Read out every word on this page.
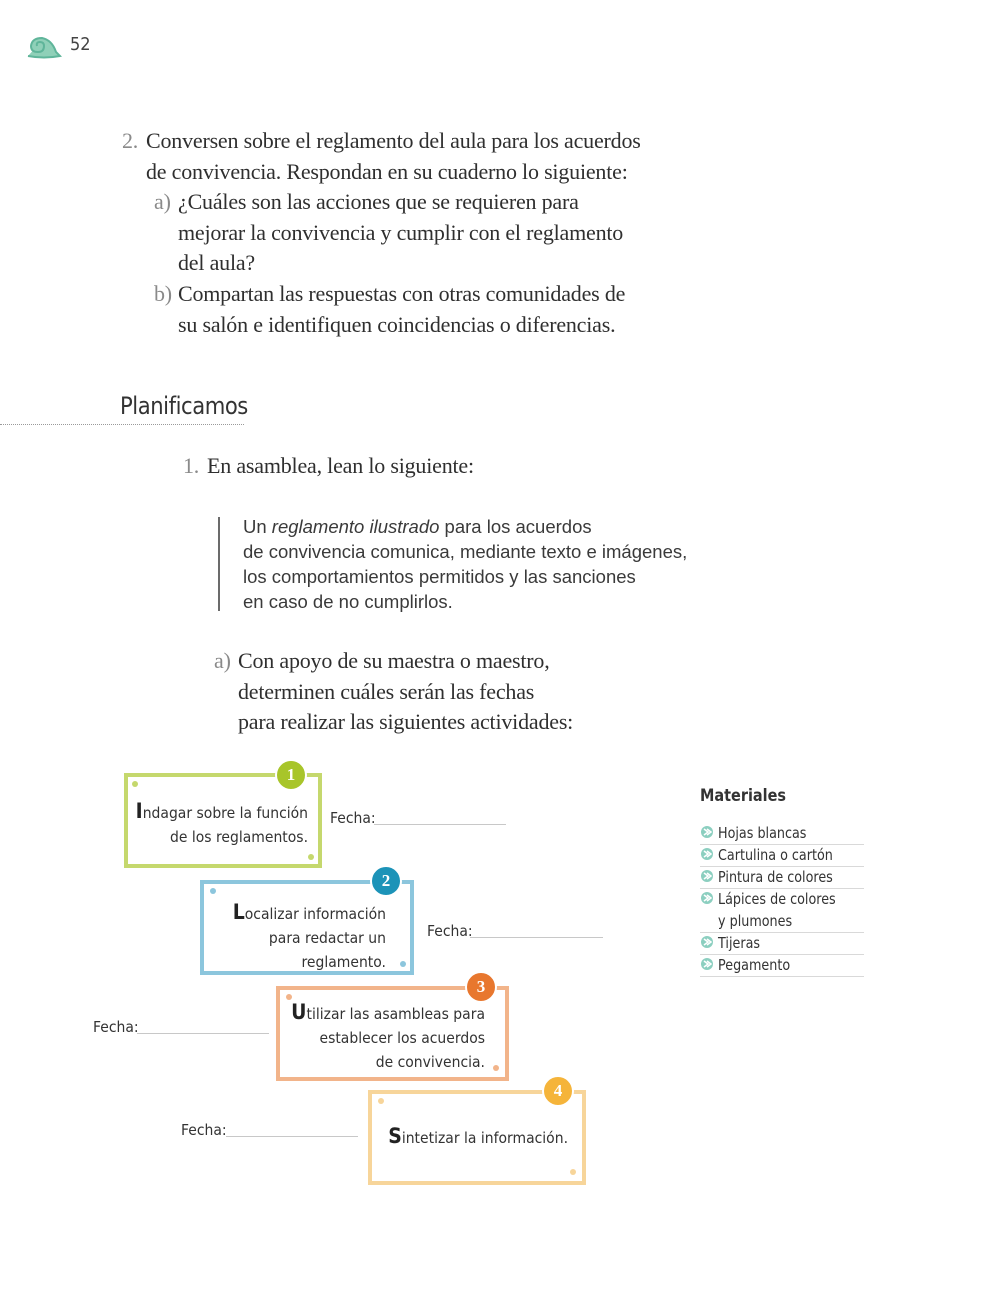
52
2. Conversen sobre el reglamento del aula para los acuerdos
de convivencia. Respondan en su cuaderno lo siguiente:
a) ¿Cuáles son las acciones que se requieren para
mejorar la convivencia y cumplir con el reglamento
del aula?
b) Compartan las respuestas con otras comunidades de
su salón e identifiquen coincidencias o diferencias.
Planificamos
1. En asamblea, lean lo siguiente:
Un reglamento ilustrado para los acuerdos
de convivencia comunica, mediante texto e imágenes,
los comportamientos permitidos y las sanciones
en caso de no cumplirlos.
a) Con apoyo de su maestra o maestro,
determinen cuáles serán las fechas
para realizar las siguientes actividades:
Indagar sobre la función
de los reglamentos.
1
Fecha:
Localizar información
para redactar un
reglamento.
2
Fecha:
Utilizar las asambleas para
establecer los acuerdos
de convivencia.
3
Fecha:
Sintetizar la información.
4
Fecha:
Materiales
Hojas blancas
Cartulina o cartón
Pintura de colores
Lápices de colores
y plumones
Tijeras
Pegamento
